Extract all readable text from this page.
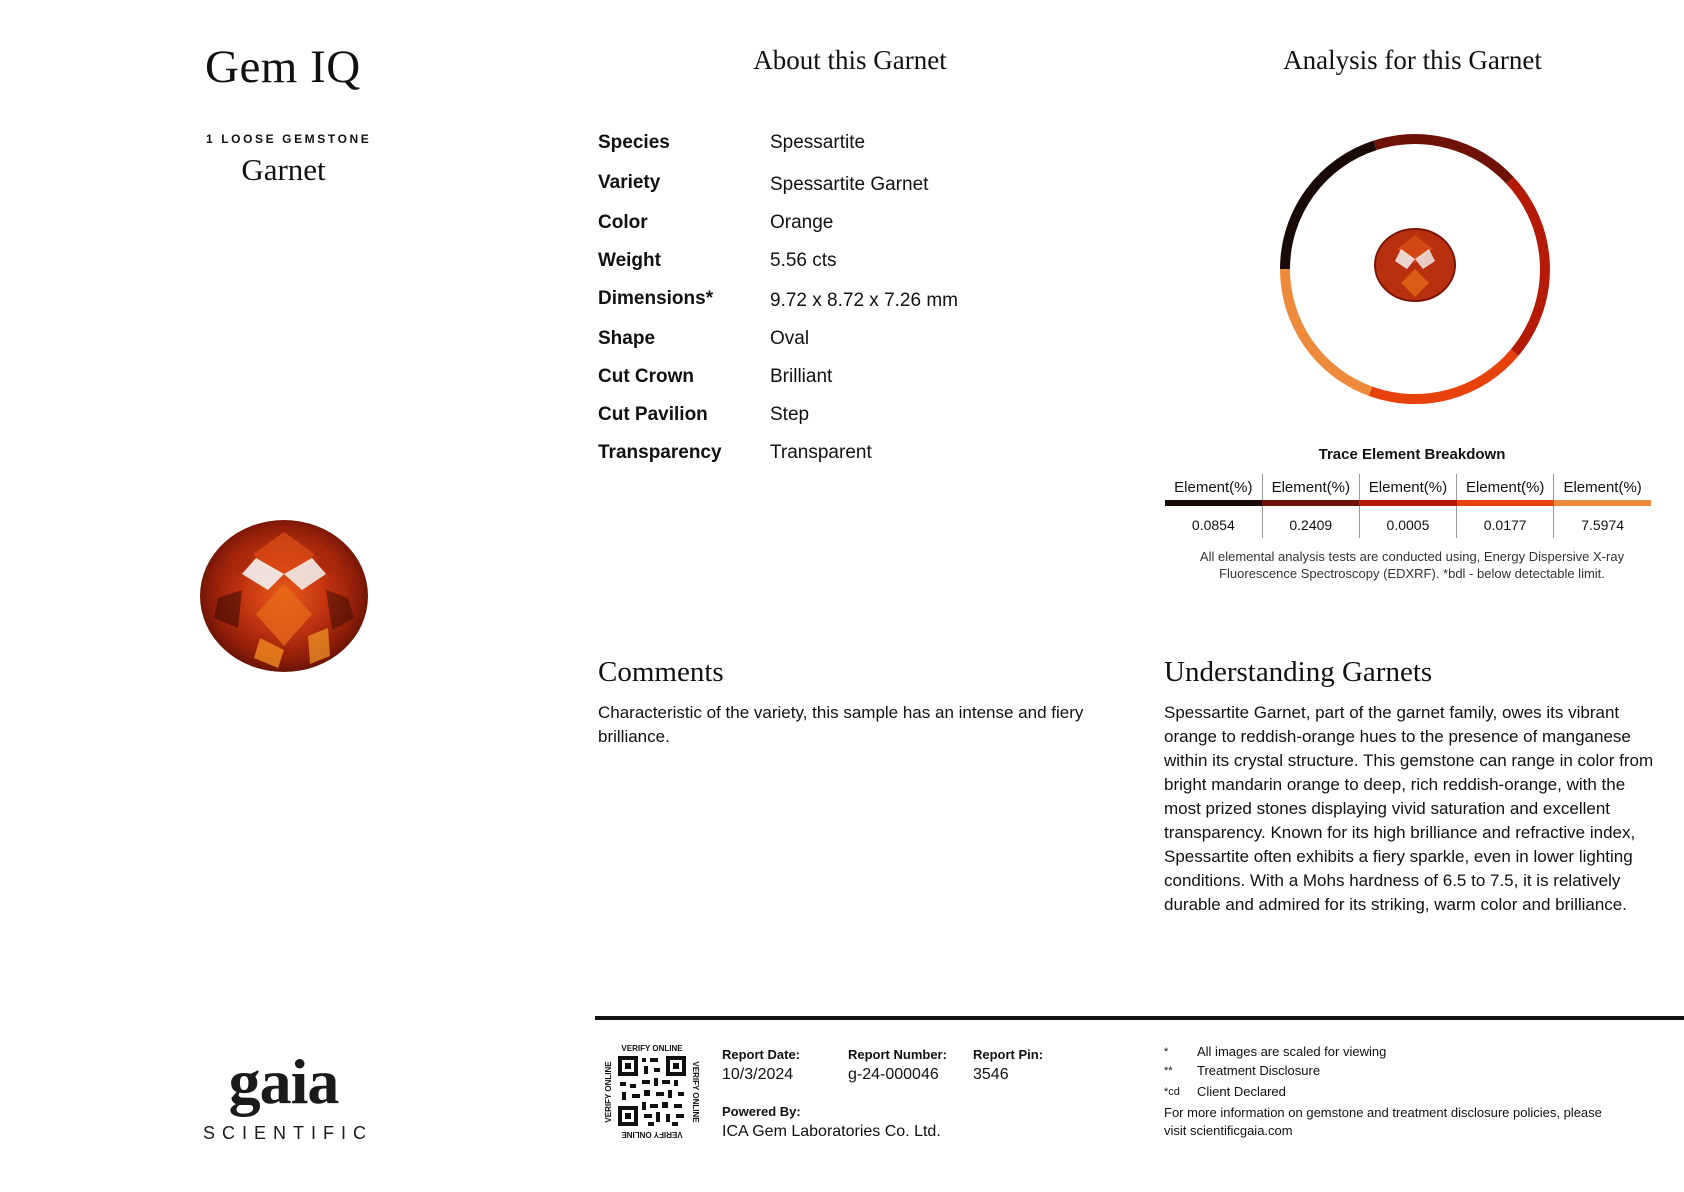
Gem IQ
1 LOOSE GEMSTONE
Garnet
gaia
SCIENTIFIC
About this Garnet
Species	Spessartite
Variety	Spessartite Garnet
Color	Orange
Weight	5.56 cts
Dimensions*	9.72 x 8.72 x 7.26 mm
Shape	Oval
Cut Crown	Brilliant
Cut Pavilion	Step
Transparency	Transparent
Analysis for this Garnet
Trace Element Breakdown
Element(%)	Element(%)	Element(%)	Element(%)	Element(%)

0.0854	0.2409	0.0005	0.0177	7.5974
All elemental analysis tests are conducted using, Energy Dispersive X-ray Fluorescence Spectroscopy (EDXRF). *bdl - below detectable limit.
Comments
Characteristic of the variety, this sample has an intense and fiery brilliance.
Understanding Garnets
Spessartite Garnet, part of the garnet family, owes its vibrant orange to reddish-orange hues to the presence of manganese within its crystal structure. This gemstone can range in color from bright mandarin orange to deep, rich reddish-orange, with the most prized stones displaying vivid saturation and excellent transparency. Known for its high brilliance and refractive index, Spessartite often exhibits a fiery sparkle, even in lower lighting conditions. With a Mohs hardness of 6.5 to 7.5, it is relatively durable and admired for its striking, warm color and brilliance.
VERIFY ONLINE
VERIFY ONLINE
VERIFY ONLINE	VERIFY ONLINE
Report Date:
10/3/2024
Report Number:
g-24-000046
Report Pin:
3546
Powered By:
ICA Gem Laboratories Co. Ltd.
* All images are scaled for viewing
** Treatment Disclosure
*cd Client Declared
For more information on gemstone and treatment disclosure policies, please visit scientificgaia.com
